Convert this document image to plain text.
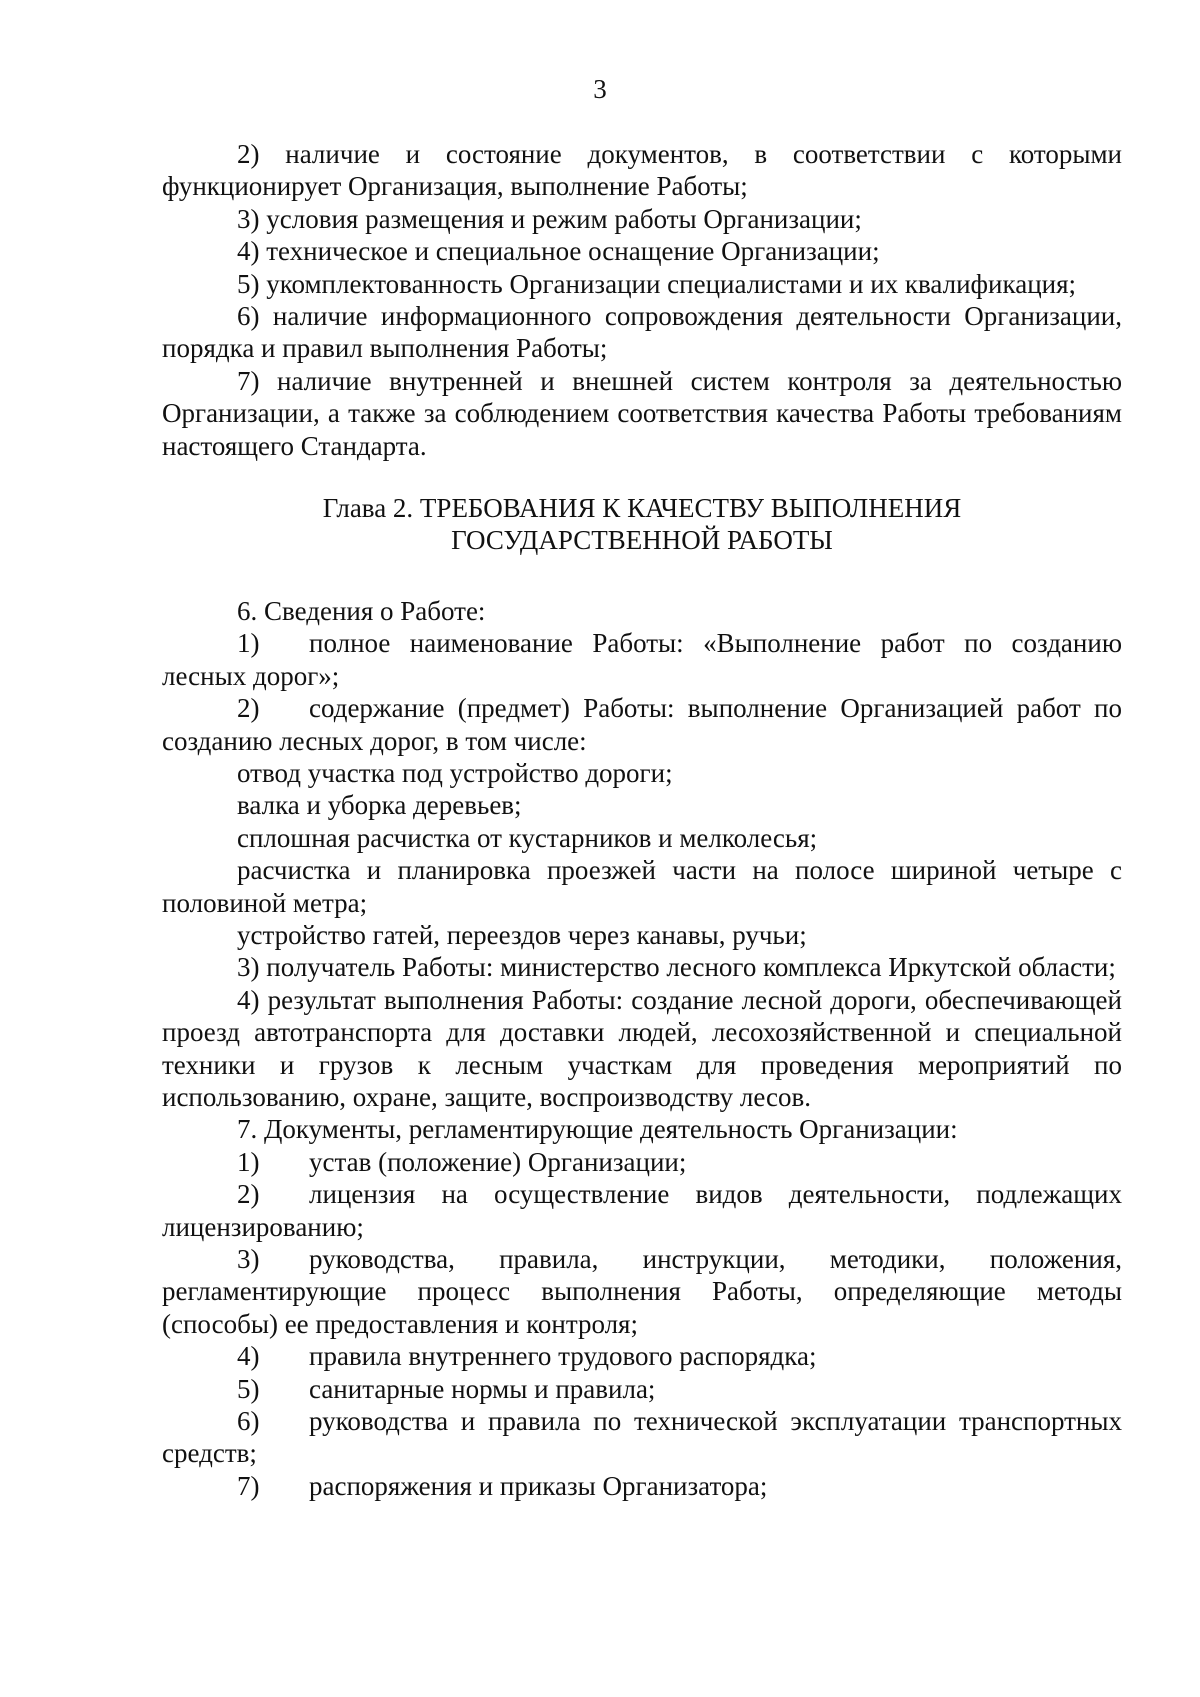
3

2) наличие и состояние документов, в соответствии с которыми функционирует Организация, выполнение Работы;

3) условия размещения и режим работы Организации;

4) техническое и специальное оснащение Организации;

5) укомплектованность Организации специалистами и их квалификация;

6) наличие информационного сопровождения деятельности Организации, порядка и правил выполнения Работы;

7) наличие внутренней и внешней систем контроля за деятельностью Организации, а также за соблюдением соответствия качества Работы требованиям настоящего Стандарта.

Глава 2. ТРЕБОВАНИЯ К КАЧЕСТВУ ВЫПОЛНЕНИЯ
ГОСУДАРСТВЕННОЙ РАБОТЫ

6. Сведения о Работе:

1) полное наименование Работы: «Выполнение работ по созданию лесных дорог»;

2) содержание (предмет) Работы: выполнение Организацией работ по созданию лесных дорог, в том числе:

отвод участка под устройство дороги;

валка и уборка деревьев;

сплошная расчистка от кустарников и мелколесья;

расчистка и планировка проезжей части на полосе шириной четыре с половиной метра;

устройство гатей, переездов через канавы, ручьи;

3) получатель Работы: министерство лесного комплекса Иркутской области;

4) результат выполнения Работы: создание лесной дороги, обеспечивающей проезд автотранспорта для доставки людей, лесохозяйственной и специальной техники и грузов к лесным участкам для проведения мероприятий по использованию, охране, защите, воспроизводству лесов.

7. Документы, регламентирующие деятельность Организации:

1) устав (положение) Организации;

2) лицензия на осуществление видов деятельности, подлежащих лицензированию;

3) руководства, правила, инструкции, методики, положения, регламентирующие процесс выполнения Работы, определяющие методы (способы) ее предоставления и контроля;

4) правила внутреннего трудового распорядка;

5) санитарные нормы и правила;

6) руководства и правила по технической эксплуатации транспортных средств;

7) распоряжения и приказы Организатора;
